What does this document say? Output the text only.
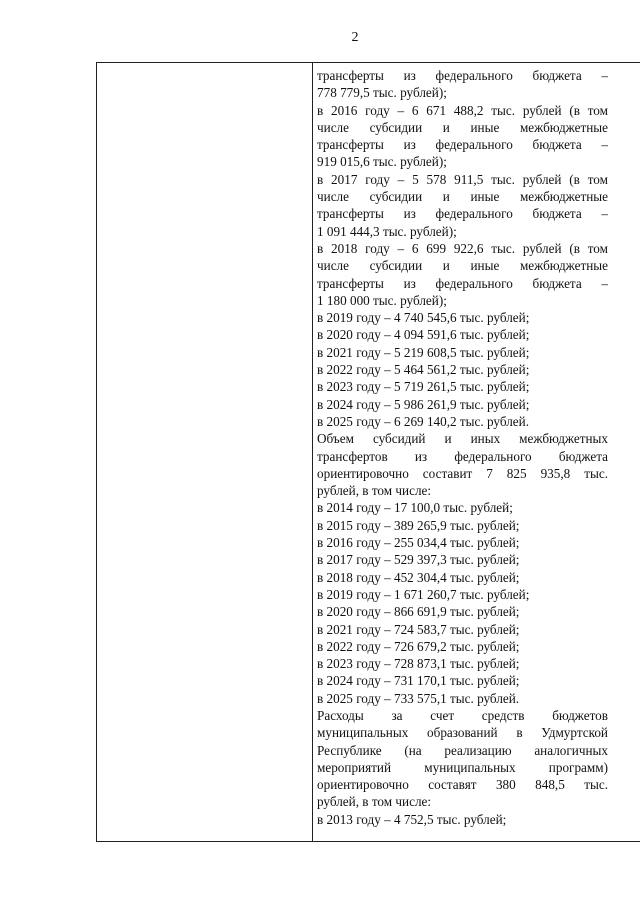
2
трансферты из федерального бюджета –
778 779,5 тыс. рублей);
в 2016 году – 6 671 488,2 тыс. рублей (в том
числе субсидии и иные межбюджетные
трансферты из федерального бюджета –
919 015,6 тыс. рублей);
в 2017 году – 5 578 911,5 тыс. рублей (в том
числе субсидии и иные межбюджетные
трансферты из федерального бюджета –
1 091 444,3 тыс. рублей);
в 2018 году – 6 699 922,6 тыс. рублей (в том
числе субсидии и иные межбюджетные
трансферты из федерального бюджета –
1 180 000 тыс. рублей);
в 2019 году – 4 740 545,6 тыс. рублей;
в 2020 году – 4 094 591,6 тыс. рублей;
в 2021 году – 5 219 608,5 тыс. рублей;
в 2022 году – 5 464 561,2 тыс. рублей;
в 2023 году – 5 719 261,5 тыс. рублей;
в 2024 году – 5 986 261,9 тыс. рублей;
в 2025 году – 6 269 140,2 тыс. рублей.
Объем субсидий и иных межбюджетных
трансфертов из федерального бюджета
ориентировочно составит 7 825 935,8 тыс.
рублей, в том числе:
в 2014 году – 17 100,0 тыс. рублей;
в 2015 году – 389 265,9 тыс. рублей;
в 2016 году – 255 034,4 тыс. рублей;
в 2017 году – 529 397,3 тыс. рублей;
в 2018 году – 452 304,4 тыс. рублей;
в 2019 году – 1 671 260,7 тыс. рублей;
в 2020 году – 866 691,9 тыс. рублей;
в 2021 году – 724 583,7 тыс. рублей;
в 2022 году – 726 679,2 тыс. рублей;
в 2023 году – 728 873,1 тыс. рублей;
в 2024 году – 731 170,1 тыс. рублей;
в 2025 году – 733 575,1 тыс. рублей.
Расходы за счет средств бюджетов
муниципальных образований в Удмуртской
Республике (на реализацию аналогичных
мероприятий муниципальных программ)
ориентировочно составят 380 848,5 тыс.
рублей, в том числе:
в 2013 году – 4 752,5 тыс. рублей;
